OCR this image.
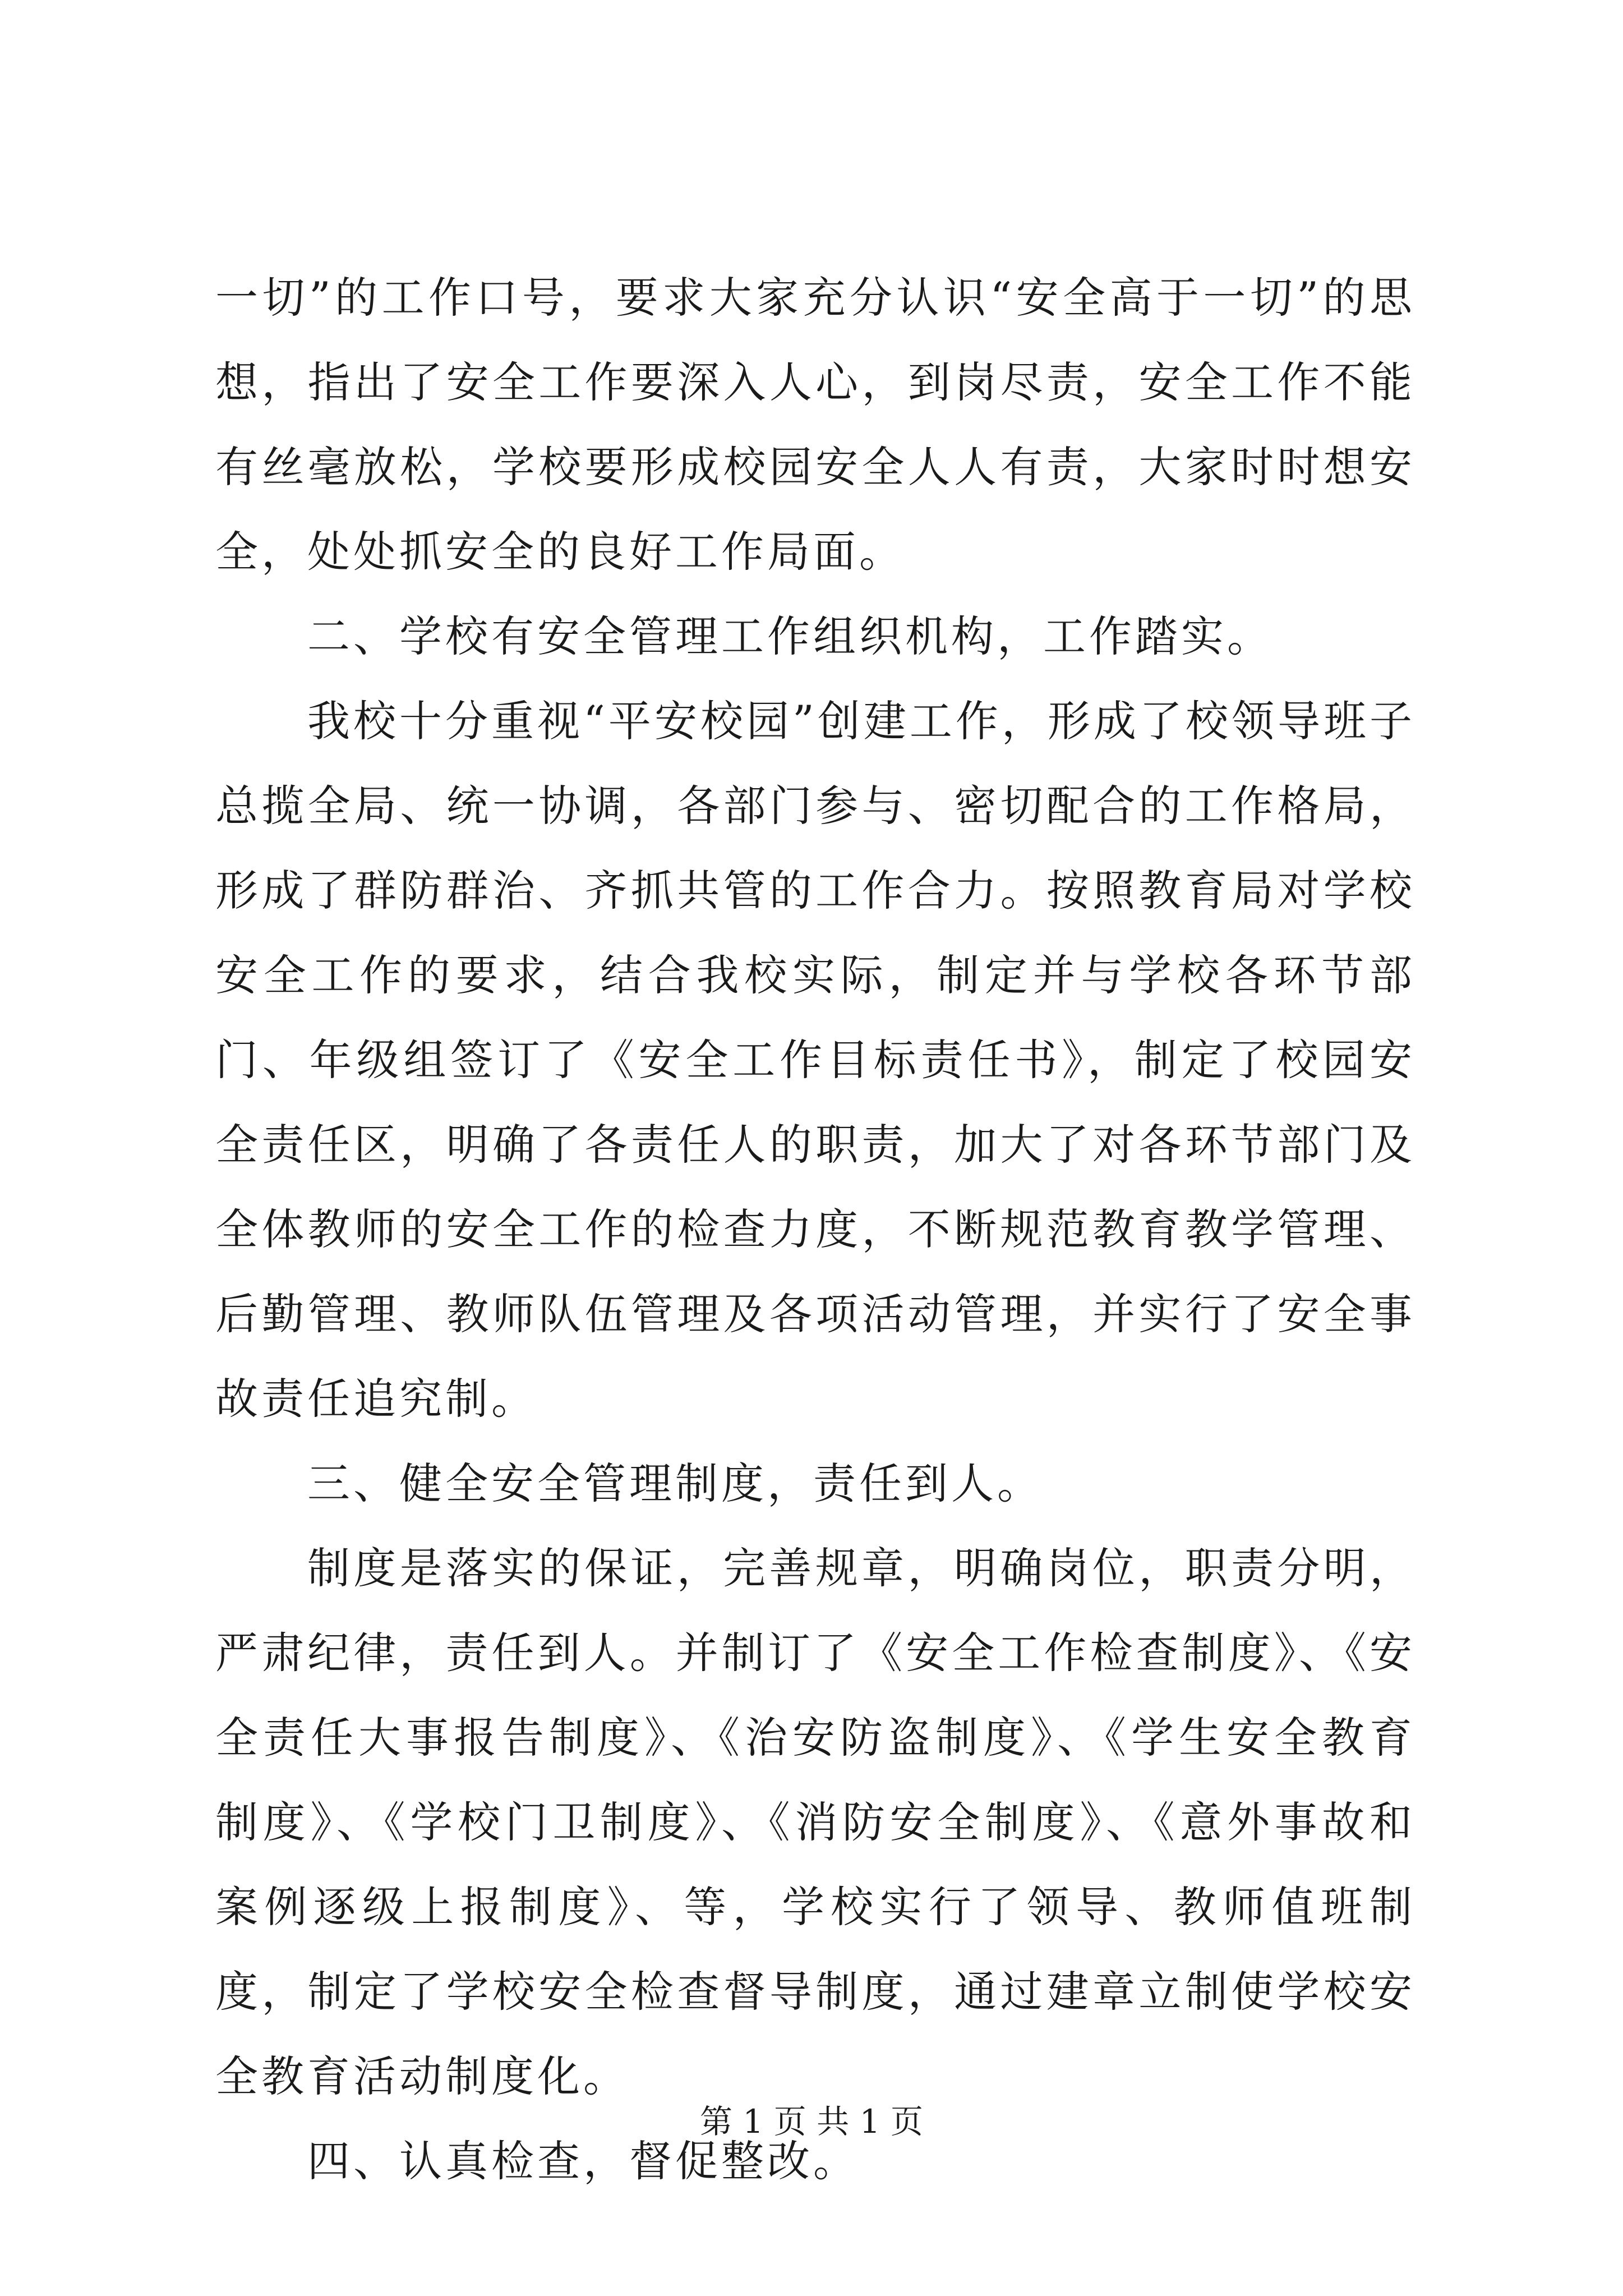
一切”的工作口号，要求大家充分认识“安全高于一切”的思想，指出了安全工作要深入人心，到岗尽责，安全工作不能有丝毫放松，学校要形成校园安全人人有责，大家时时想安全，处处抓安全的良好工作局面。

二、学校有安全管理工作组织机构，工作踏实。

我校十分重视“平安校园”创建工作，形成了校领导班子总揽全局、统一协调，各部门参与、密切配合的工作格局，形成了群防群治、齐抓共管的工作合力。按照教育局对学校安全工作的要求，结合我校实际，制定并与学校各环节部门、年级组签订了《安全工作目标责任书》，制定了校园安全责任区，明确了各责任人的职责，加大了对各环节部门及全体教师的安全工作的检查力度，不断规范教育教学管理、后勤管理、教师队伍管理及各项活动管理，并实行了安全事故责任追究制。

三、健全安全管理制度，责任到人。

制度是落实的保证，完善规章，明确岗位，职责分明，严肃纪律，责任到人。并制订了《安全工作检查制度》、《安全责任大事报告制度》、《治安防盗制度》、《学生安全教育制度》、《学校门卫制度》、《消防安全制度》、《意外事故和案例逐级上报制度》、等，学校实行了领导、教师值班制度，制定了学校安全检查督导制度，通过建章立制使学校安全教育活动制度化。

四、认真检查，督促整改。

第 1 页 共 1 页
